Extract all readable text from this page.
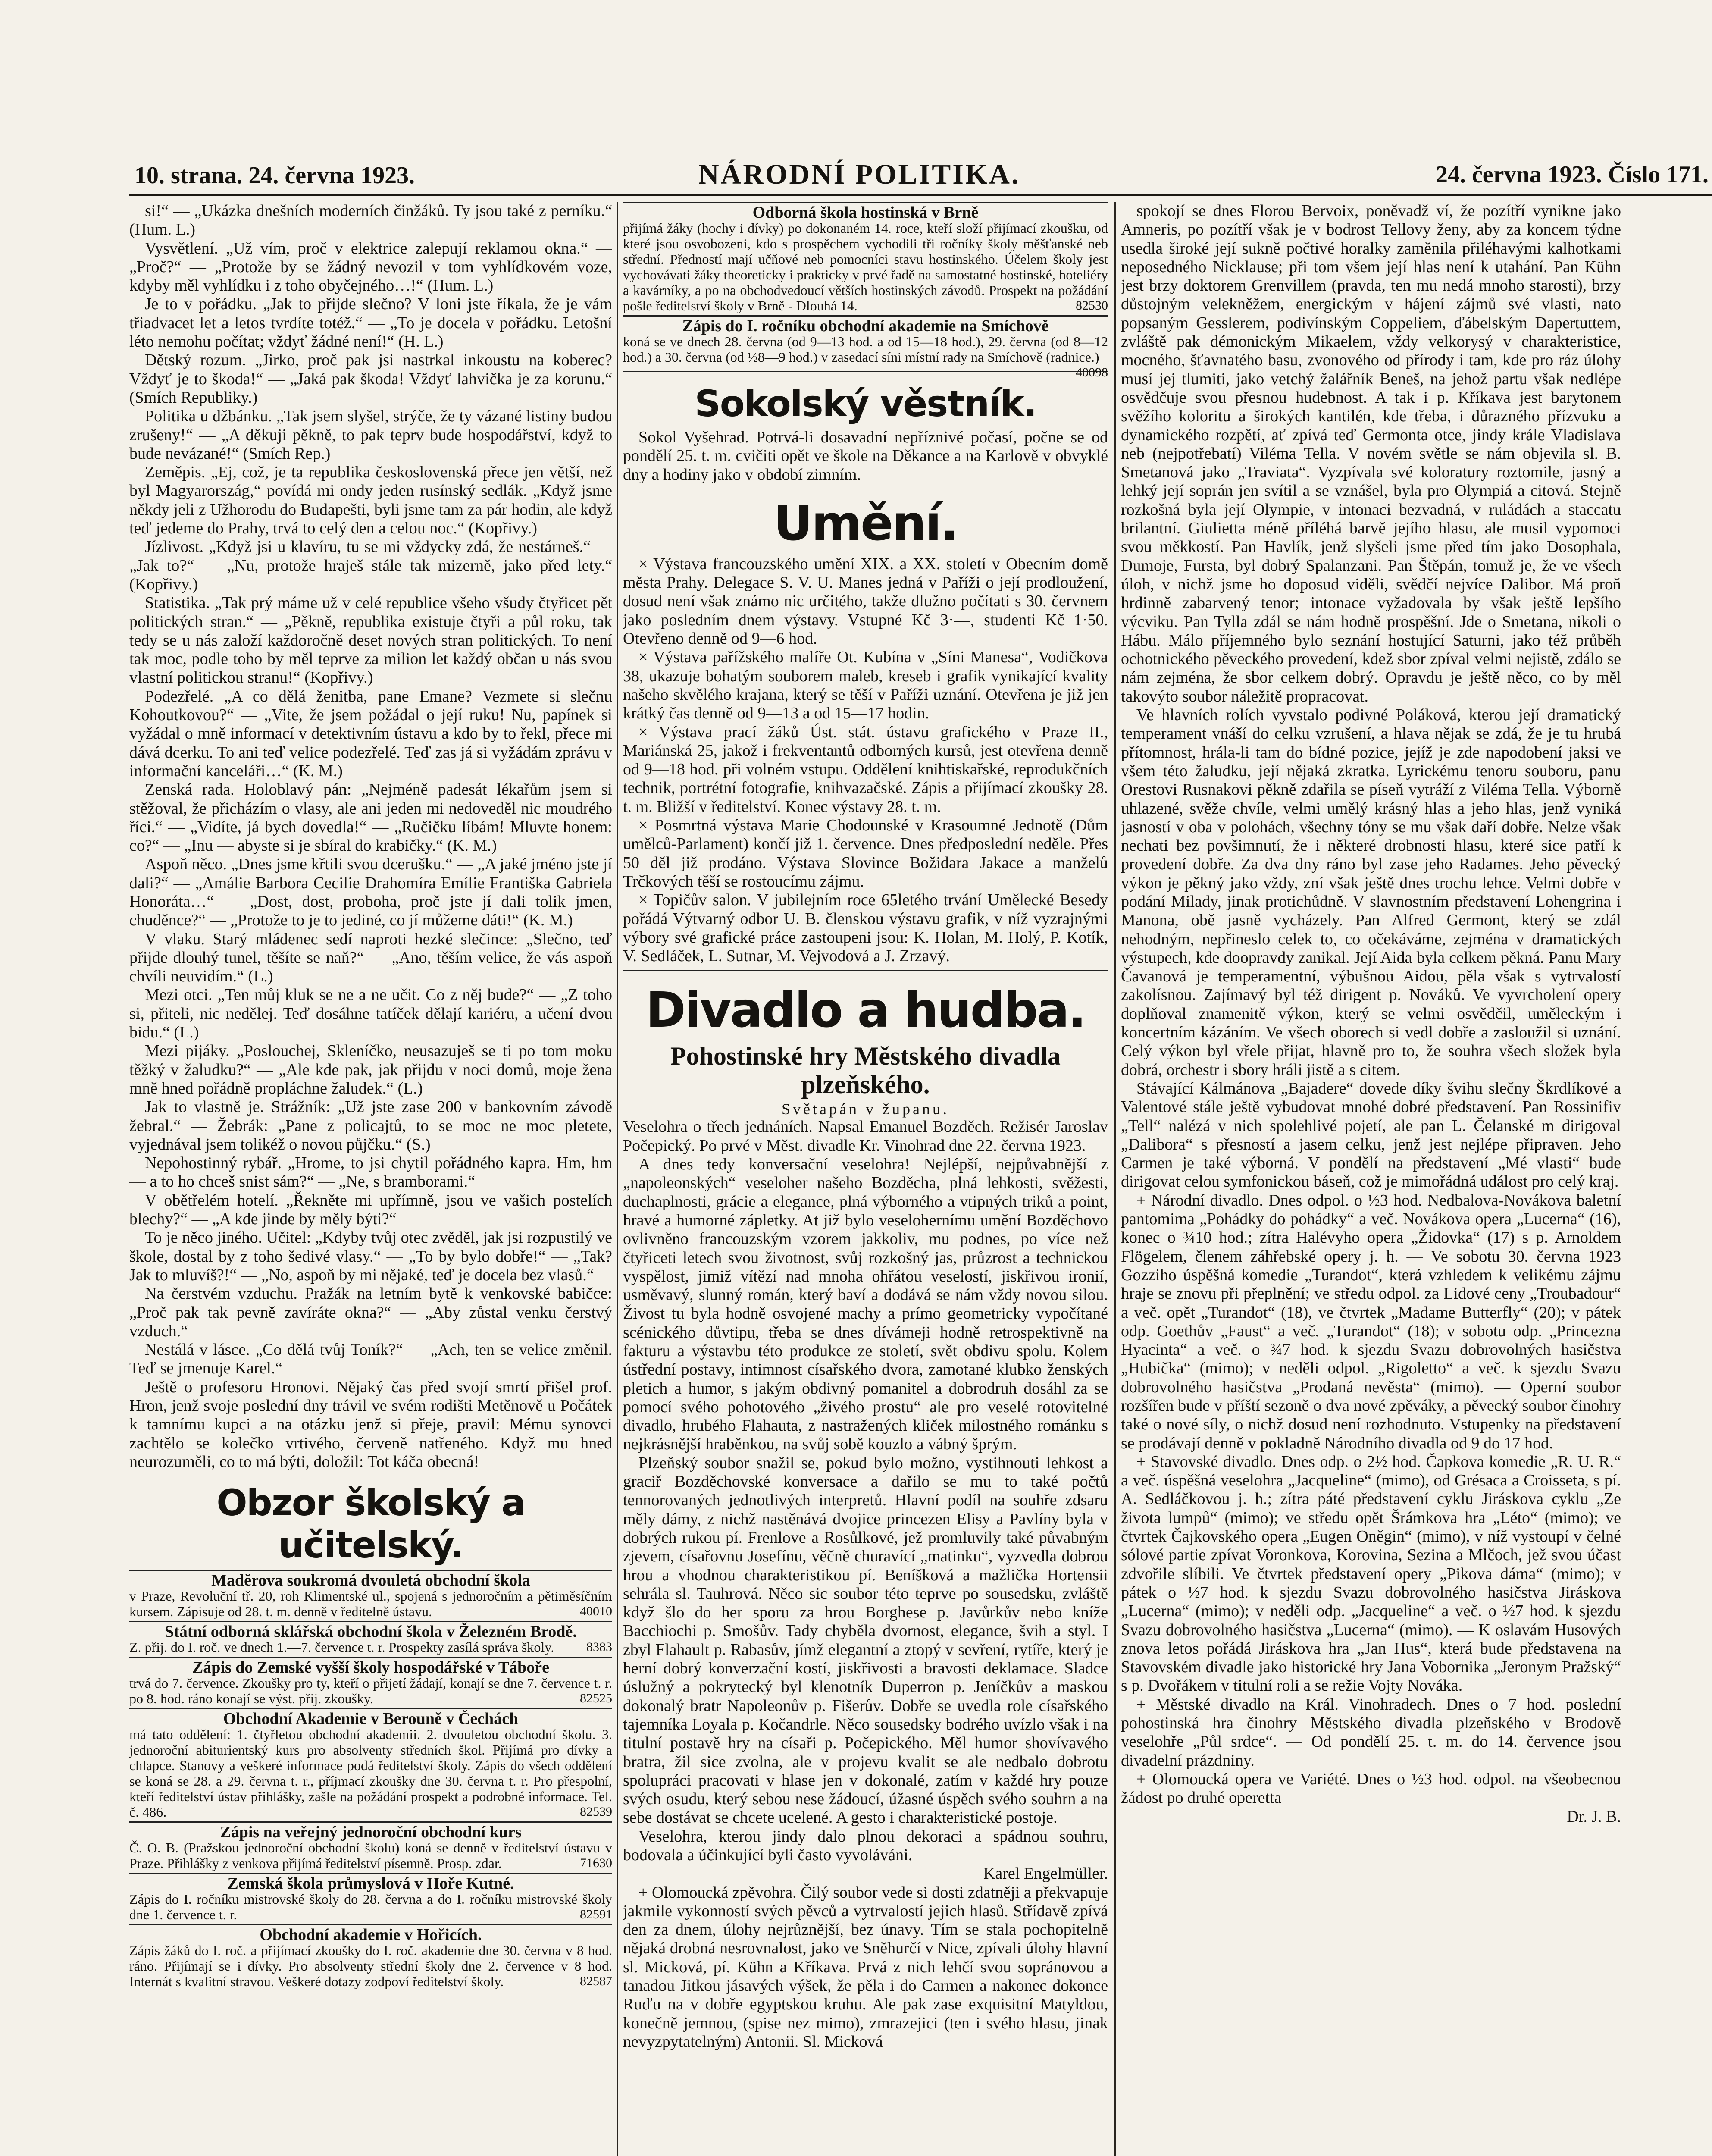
10. strana. 24. června 1923.	NÁRODNÍ POLITIKA.	24. června 1923. Číslo 171.

si!“ — „Ukázka dnešních moderních činžáků. Ty jsou také z perníku.“ (Hum. L.)

Vysvětlení. „Už vím, proč v elektrice zalepují reklamou okna.“ — „Proč?“ — „Protože by se žádný nevozil v tom vyhlídkovém voze, kdyby měl vyhlídku i z toho obyčejného…!“ (Hum. L.)

Je to v pořádku. „Jak to přijde slečno? V loni jste říkala, že je vám třiadvacet let a letos tvrdíte totéž.“ — „To je docela v pořádku. Letošní léto nemohu počítat; vždyť žádné není!“ (H. L.)

Dětský rozum. „Jirko, proč pak jsi nastrkal inkoustu na koberec? Vždyť je to škoda!“ — „Jaká pak škoda! Vždyť lahvička je za korunu.“ (Smích Republiky.)

Politika u džbánku. „Tak jsem slyšel, strýče, že ty vázané listiny budou zrušeny!“ — „A děkuji pěkně, to pak teprv bude hospodářství, když to bude nevázané!“ (Smích Rep.)

Zeměpis. „Ej, což, je ta republika československá přece jen větší, než byl Magyarország,“ povídá mi ondy jeden rusínský sedlák. „Když jsme někdy jeli z Užhorodu do Budapešti, byli jsme tam za pár hodin, ale když teď jedeme do Prahy, trvá to celý den a celou noc.“ (Kopřivy.)

Jízlivost. „Když jsi u klavíru, tu se mi vždycky zdá, že nestárneš.“ — „Jak to?“ — „Nu, protože hraješ stále tak mizerně, jako před lety.“ (Kopřivy.)

Statistika. „Tak prý máme už v celé republice všeho všudy čtyřicet pět politických stran.“ — „Pěkně, republika existuje čtyři a půl roku, tak tedy se u nás založí každoročně deset nových stran politických. To není tak moc, podle toho by měl teprve za milion let každý občan u nás svou vlastní politickou stranu!“ (Kopřivy.)

Podezřelé. „A co dělá ženitba, pane Emane? Vezmete si slečnu Kohoutkovou?“ — „Vite, že jsem požádal o její ruku! Nu, papínek si vyžádal o mně informací v detektivním ústavu a kdo by to řekl, přece mi dává dcerku. To ani teď velice podezřelé. Teď zas já si vyžádám zprávu v informační kanceláři…“ (K. M.)

Zenská rada. Holoblavý pán: „Nejméně padesát lékařům jsem si stěžoval, že přicházím o vlasy, ale ani jeden mi nedoveděl nic moudrého říci.“ — „Vidíte, já bych dovedla!“ — „Ručičku líbám! Mluvte honem: co?“ — „Inu — abyste si je sbíral do krabičky.“ (K. M.)

Aspoň něco. „Dnes jsme křtili svou dcerušku.“ — „A jaké jméno jste jí dali?“ — „Amálie Barbora Cecilie Drahomíra Emílie Františka Gabriela Honoráta…“ — „Dost, dost, proboha, proč jste jí dali tolik jmen, chuděnce?“ — „Protože to je to jediné, co jí můžeme dáti!“ (K. M.)

V vlaku. Starý mládenec sedí naproti hezké slečince: „Slečno, teď přijde dlouhý tunel, těšíte se naň?“ — „Ano, těším velice, že vás aspoň chvíli neuvidím.“ (L.)

Mezi otci. „Ten můj kluk se ne a ne učit. Co z něj bude?“ — „Z toho si, přiteli, nic nedělej. Teď dosáhne tatíček dělají kariéru, a učení dvou bidu.“ (L.)

Mezi pijáky. „Poslouchej, Skleníčko, neusazuješ se ti po tom moku těžký v žaludku?“ — „Ale kde pak, jak přijdu v noci domů, moje žena mně hned pořádně propláchne žaludek.“ (L.)

Jak to vlastně je. Strážník: „Už jste zase 200 v bankovním závodě žebral.“ — Žebrák: „Pane z policajtů, to se moc ne moc pletete, vyjednával jsem tolikéž o novou půjčku.“ (S.)

Nepohostinný rybář. „Hrome, to jsi chytil pořádného kapra. Hm, hm — a to ho chceš snist sám?“ — „Ne, s bramborami.“

V obětřelém hotelí. „Řekněte mi upřímně, jsou ve vašich postelích blechy?“ — „A kde jinde by měly býti?“

To je něco jiného. Učitel: „Kdyby tvůj otec zvěděl, jak jsi rozpustilý ve škole, dostal by z toho šedivé vlasy.“ — „To by bylo dobře!“ — „Tak? Jak to mluvíš?!“ — „No, aspoň by mi nějaké, teď je docela bez vlasů.“

Na čerstvém vzduchu. Pražák na letním bytě k venkovské babičce: „Proč pak tak pevně zavíráte okna?“ — „Aby zůstal venku čerstvý vzduch.“

Nestálá v lásce. „Co dělá tvůj Toník?“ — „Ach, ten se velice změnil. Teď se jmenuje Karel.“

Ještě o profesoru Hronovi. Nějaký čas před svojí smrtí přišel prof. Hron, jenž svoje poslední dny trávil ve svém rodišti Metěnově u Počátek k tamnímu kupci a na otázku jenž si přeje, pravil: Mému synovci zachtělo se kolečko vrtivého, červeně natřeného. Když mu hned neurozuměli, co to má býti, doložil: Tot káča obecná!

Obzor školský a učitelský.
Maděrova soukromá dvouletá obchodní škola
v Praze, Revoluční tř. 20, roh Klimentské ul., spojená s jednoročním a pětiměsíčním kursem. Zápisuje od 28. t. m. denně v ředitelně ústavu.	40010
Státní odborná sklářská obchodní škola v Železném Brodě.
Z. přij. do I. roč. ve dnech 1.—7. července t. r. Prospekty zasílá správa školy. 8383
Zápis do Zemské vyšší školy hospodářské v Táboře
trvá do 7. července. Zkoušky pro ty, kteří o přijetí žádají, konají se dne 7. července t. r. po 8. hod. ráno konají se výst. přij. zkoušky.	82525
Obchodní Akademie v Berouně v Čechách
má tato oddělení: 1. čtyřletou obchodní akademii. 2. dvouletou obchodní školu. 3. jednoroční abiturientský kurs pro absolventy středních škol. Přijímá pro dívky a chlapce. Stanovy a veškeré informace podá ředitelství školy. Zápis do všech oddělení se koná se 28. a 29. června t. r., příjmací zkoušky dne 30. června t. r. Pro přespolní, kteří ředitelství ústav přihlášky, zašle na požádání prospekt a podrobné informace. Tel. č. 486.	82539
Zápis na veřejný jednoroční obchodní kurs
Č. O. B. (Pražskou jednoroční obchodní školu) koná se denně v ředitelství ústavu v Praze. Přihlášky z venkova přijímá ředitelství písemně. Prosp. zdar.	71630
Zemská škola průmyslová v Hoře Kutné.
Zápis do I. ročníku mistrovské školy do 28. června a do I. ročníku mistrovské školy dne 1. července t. r.	82591
Obchodní akademie v Hořicích.
Zápis žáků do I. roč. a přijímací zkoušky do I. roč. akademie dne 30. června v 8 hod. ráno. Přijímají se i dívky. Pro absolventy střední školy dne 2. července v 8 hod. Internát s kvalitní stravou. Veškeré dotazy zodpoví ředitelství školy.	82587
Odborná škola hostinská v Brně
přijímá žáky (hochy i dívky) po dokonaném 14. roce, kteří složí přijímací zkoušku, od které jsou osvobozeni, kdo s prospěchem vychodili tři ročníky školy měšťanské neb střední. Předností mají učňové neb pomocníci stavu hostinského. Účelem školy jest vychovávati žáky theoreticky i prakticky v prvé řadě na samostatné hostinské, hoteliéry a kavárníky, a po na obchodvedoucí větších hostinských závodů. Prospekt na požádání pošle ředitelství školy v Brně - Dlouhá 14.	82530
Zápis do I. ročníku obchodní akademie na Smíchově
koná se ve dnech 28. června (od 9—13 hod. a od 15—18 hod.), 29. června (od 8—12 hod.) a 30. června (od ½8—9 hod.) v zasedací síni místní rady na Smíchově (radnice.)
40098
Sokolský věstník.

Sokol Vyšehrad. Potrvá-li dosavadní nepříznivé počasí, počne se od pondělí 25. t. m. cvičiti opět ve škole na Děkance a na Karlově v obvyklé dny a hodiny jako v období zimním.

Umění.

× Výstava francouzského umění XIX. a XX. století v Obecním domě města Prahy. Delegace S. V. U. Manes jedná v Paříži o její prodloužení, dosud není však známo nic určitého, takže dlužno počítati s 30. červnem jako posledním dnem výstavy. Vstupné Kč 3·—, studenti Kč 1·50. Otevřeno denně od 9—6 hod.

× Výstava pařížského malíře Ot. Kubína v „Síni Manesa“, Vodičkova 38, ukazuje bohatým souborem maleb, kreseb i grafik vynikající kvality našeho skvělého krajana, který se těší v Paříži uznání. Otevřena je již jen krátký čas denně od 9—13 a od 15—17 hodin.

× Výstava prací žáků Úst. stát. ústavu grafického v Praze II., Mariánská 25, jakož i frekventantů odborných kursů, jest otevřena denně od 9—18 hod. při volném vstupu. Oddělení knihtiskařské, reprodukčních technik, portrétní fotografie, knihvazačské. Zápis a přijímací zkoušky 28. t. m. Bližší v ředitelství. Konec výstavy 28. t. m.

× Posmrtná výstava Marie Chodounské v Krasoumné Jednotě (Dům umělců-Parlament) končí již 1. července. Dnes předposlední neděle. Přes 50 děl již prodáno. Výstava Slovince Božidara Jakace a manželů Trčkových těší se rostoucímu zájmu.

× Topičův salon. V jubilejním roce 65letého trvání Umělecké Besedy pořádá Výtvarný odbor U. B. členskou výstavu grafik, v níž vyzrajnými výbory své grafické práce zastoupeni jsou: K. Holan, M. Holý, P. Kotík, V. Sedláček, L. Sutnar, M. Vejvodová a J. Zrzavý.

Divadlo a hudba.
Pohostinské hry Městského divadla plzeňského.
Světapán v županu.

Veselohra o třech jednáních. Napsal Emanuel Bozděch. Režisér Jaroslav Počepický. Po prvé v Měst. divadle Kr. Vinohrad dne 22. června 1923.

A dnes tedy konversační veselohra! Nejlépší, nejpůvabnější z „napoleonských“ veseloher našeho Bozděcha, plná lehkosti, svěžesti, duchaplnosti, grácie a elegance, plná výborného a vtipných triků a point, hravé a humorné zápletky. At již bylo veselohernímu umění Bozděchovo ovlivněno francouzským vzorem jakkoliv, mu podnes, po více než čtyřiceti letech svou životnost, svůj rozkošný jas, průzrost a technickou vyspělost, jimiž vítězí nad mnoha ohřátou veselostí, jiskřivou ironií, usměvavý, slunný román, který baví a dodává se nám vždy novou silou. Živost tu byla hodně osvojené machy a prímo geometricky vypočítané scénického důvtipu, třeba se dnes dívámeji hodně retrospektivně na fakturu a výstavbu této produkce ze století, svět obdivu spolu. Kolem ústřední postavy, intimnost císařského dvora, zamotané klubko ženských pletich a humor, s jakým obdivný pomanitel a dobrodruh dosáhl za se pomocí svého pohotového „živého prostu“ ale pro veselé rotovitelné divadlo, hrubého Flahauta, z nastražených kliček milostného románku s nejkrásnější hraběnkou, na svůj sobě kouzlo a vábný šprým.

Plzeňský soubor snažil se, pokud bylo možno, vystihnouti lehkost a graciř Bozděchovské konversace a dařilo se mu to také počtů tennorovaných jednotlivých interpretů. Hlavní podíl na souhře zdsaru měly dámy, z nichž nastěnává dvojice princezen Elisy a Pavlíny byla v dobrých rukou pí. Frenlove a Rosůlkové, jež promluvily také půvabným zjevem, císařovnu Josefínu, věčně churavící „matinku“, vyzvedla dobrou hrou a vhodnou charakteristikou pí. Beníšková a mažlička Hortensii sehrála sl. Tauhrová. Něco sic soubor této teprve po sousedsku, zvláště když šlo do her sporu za hrou Borghese p. Javůrkův nebo kníže Bacchiochi p. Smošův. Tady chyběla dvornost, elegance, švih a styl. I zbyl Flahault p. Rabasův, jímž elegantní a ztopý v sevření, rytíře, který je herní dobrý konverzační kostí, jiskřivosti a bravosti deklamace. Sladce úslužný a pokrytecký byl klenotník Duperron p. Jeníčkův a maskou dokonalý bratr Napoleonův p. Fišerův. Dobře se uvedla role císařského tajemníka Loyala p. Kočandrle. Něco sousedsky bodrého uvízlo však i na titulní postavě hry na císaři p. Počepického. Měl humor shovívavého bratra, žil sice zvolna, ale v projevu kvalit se ale nedbalo dobrotu spolupráci pracovati v hlase jen v dokonalé, zatím v každé hry pouze svých osudu, který sebou nese žádoucí, úžasné úspěch svého souhrn a na sebe dostávat se chcete ucelené. A gesto i charakteristické postoje.

Veselohra, kterou jindy dalo plnou dekoraci a spádnou souhru, bodovala a účinkující byli často vyvoláváni.

Karel Engelmüller.

+ Olomoucká zpěvohra. Čilý soubor vede si dosti zdatněji a překvapuje jakmile vykonností svých pěvců a vytrvalostí jejich hlasů. Střídavě zpívá den za dnem, úlohy nejrůznější, bez únavy. Tím se stala pochopitelně nějaká drobná nesrovnalost, jako ve Sněhurčí v Nice, zpívali úlohy hlavní sl. Micková, pí. Kühn a Kříkava. Prvá z nich lehčí svou sopránovou a tanadou Jitkou jásavých výšek, že pěla i do Carmen a nakonec dokonce Ruďu na v dobře egyptskou kruhu. Ale pak zase exquisitní Matyldou, konečně jemnou, (spise nez mimo), zmrazejici (ten i svého hlasu, jinak nevyzpytatelným) Antonii. Sl. Micková

spokojí se dnes Florou Bervoix, poněvadž ví, že pozítří vynikne jako Amneris, po pozítří však je v bodrost Tellovy ženy, aby za koncem týdne usedla široké její sukně počtivé horalky zaměnila přiléhavými kalhotkami neposedného Nicklause; při tom všem její hlas není k utahání. Pan Kühn jest brzy doktorem Grenvillem (pravda, ten mu nedá mnoho starosti), brzy důstojným velekněžem, energickým v hájení zájmů své vlasti, nato popsaným Gesslerem, podivínským Coppeliem, ďábelským Dapertuttem, zvláště pak démonickým Mikaelem, vždy velkorysý v charakteristice, mocného, šťavnatého basu, zvonového od přírody i tam, kde pro ráz úlohy musí jej tlumiti, jako vetchý žalářník Beneš, na jehož partu však nedlépe osvědčuje svou přesnou hudebnost. A tak i p. Kříkava jest barytonem svěžího koloritu a širokých kantilén, kde třeba, i důrazného přízvuku a dynamického rozpětí, ať zpívá teď Germonta otce, jindy krále Vladislava neb (nejpotřebatí) Viléma Tella. V novém světle se nám objevila sl. B. Smetanová jako „Traviata“. Vyzpívala své koloratury roztomile, jasný a lehký její soprán jen svítil a se vznášel, byla pro Olympiá a citová. Stejně rozkošná byla její Olympie, v intonaci bezvadná, v ruládách a staccatu brilantní. Giulietta méně příléhá barvě jejího hlasu, ale musil vypomoci svou měkkostí. Pan Havlík, jenž slyšeli jsme před tím jako Dosophala, Dumoje, Fursta, byl dobrý Spalanzani. Pan Štěpán, tomuž je, že ve všech úloh, v nichž jsme ho doposud viděli, svědčí nejvíce Dalibor. Má proň hrdinně zabarvený tenor; intonace vyžadovala by však ještě lepšího výcviku. Pan Tylla zdál se nám hodně prospěšní. Jde o Smetana, nikoli o Hábu. Málo příjemného bylo seznání hostující Saturni, jako též průběh ochotnického pěveckého provedení, kdež sbor zpíval velmi nejistě, zdálo se nám zejména, že sbor celkem dobrý. Opravdu je ještě něco, co by měl takovýto soubor náležitě propracovat.

Ve hlavních rolích vyvstalo podivné Poláková, kterou její dramatický temperament vnáší do celku vzrušení, a hlava nějak se zdá, že je tu hrubá přítomnost, hrála-li tam do bídné pozice, jejíž je zde napodobení jaksi ve všem této žaludku, její nějaká zkratka. Lyrickému tenoru souboru, panu Orestovi Rusnakovi pěkně zdařila se píseň vytráží z Viléma Tella. Výborně uhlazené, svěže chvíle, velmi umělý krásný hlas a jeho hlas, jenž vyniká jasností v oba v polohách, všechny tóny se mu však daří dobře. Nelze však nechati bez povšimnutí, že i některé drobnosti hlasu, které sice patří k provedení dobře. Za dva dny ráno byl zase jeho Radames. Jeho pěvecký výkon je pěkný jako vždy, zní však ještě dnes trochu lehce. Velmi dobře v podání Milady, jinak protichůdně. V slavnostním představení Lohengrina i Manona, obě jasně vycházely. Pan Alfred Germont, který se zdál nehodným, nepřineslo celek to, co očekáváme, zejména v dramatických výstupech, kde doopravdy zanikal. Její Aida byla celkem pěkná. Panu Mary Čavanová je temperamentní, výbušnou Aidou, pěla však s vytrvalostí zakolísnou. Zajímavý byl též dirigent p. Nováků. Ve vyvrcholení opery doplňoval znamenitě výkon, který se velmi osvědčil, uměleckým i koncertním kázáním. Ve všech oborech si vedl dobře a zasloužil si uznání. Celý výkon byl vřele přijat, hlavně pro to, že souhra všech složek byla dobrá, orchestr i sbory hráli jistě a s citem.

Stávající Kálmánova „Bajadere“ dovede díky švihu slečny Škrdlíkové a Valentové stále ještě vybudovat mnohé dobré představení. Pan Rossinifiv „Tell“ nalézá v nich spolehlivé pojetí, ale pan L. Čelanské m dirigoval „Dalibora“ s přesností a jasem celku, jenž jest nejlépe připraven. Jeho Carmen je také výborná. V pondělí na představení „Mé vlasti“ bude dirigovat celou symfonickou báseň, což je mimořádná událost pro celý kraj.

+ Národní divadlo. Dnes odpol. o ½3 hod. Nedbalova-Novákova baletní pantomima „Pohádky do pohádky“ a več. Novákova opera „Lucerna“ (16), konec o ¾10 hod.; zítra Halévyho opera „Židovka“ (17) s p. Arnoldem Flögelem, členem záhřebské opery j. h. — Ve sobotu 30. června 1923 Gozziho úspěšná komedie „Turandot“, která vzhledem k velikému zájmu hraje se znovu při přeplnění; ve středu odpol. za Lidové ceny „Troubadour“ a več. opět „Turandot“ (18), ve čtvrtek „Madame Butterfly“ (20); v pátek odp. Goethův „Faust“ a več. „Turandot“ (18); v sobotu odp. „Princezna Hyacinta“ a več. o ¾7 hod. k sjezdu Svazu dobrovolných hasičstva „Hubička“ (mimo); v neděli odpol. „Rigoletto“ a več. k sjezdu Svazu dobrovolného hasičstva „Prodaná nevěsta“ (mimo). — Operní soubor rozšířen bude v příští sezoně o dva nové zpěváky, a pěvecký soubor činohry také o nové síly, o nichž dosud není rozhodnuto. Vstupenky na představení se prodávají denně v pokladně Národního divadla od 9 do 17 hod.

+ Stavovské divadlo. Dnes odp. o 2½ hod. Čapkova komedie „R. U. R.“ a več. úspěšná veselohra „Jacqueline“ (mimo), od Grésaca a Croisseta, s pí. A. Sedláčkovou j. h.; zítra páté představení cyklu Jiráskova cyklu „Ze života lumpů“ (mimo); ve středu opět Šrámkova hra „Léto“ (mimo); ve čtvrtek Čajkovského opera „Eugen Oněgin“ (mimo), v níž vystoupí v čelné sólové partie zpívat Voronkova, Korovina, Sezina a Mlčoch, jež svou účast zdvořile slíbili. Ve čtvrtek představení opery „Pikova dáma“ (mimo); v pátek o ½7 hod. k sjezdu Svazu dobrovolného hasičstva Jiráskova „Lucerna“ (mimo); v neděli odp. „Jacqueline“ a več. o ½7 hod. k sjezdu Svazu dobrovolného hasičstva „Lucerna“ (mimo). — K oslavám Husových znova letos pořádá Jiráskova hra „Jan Hus“, která bude představena na Stavovském divadle jako historické hry Jana Vobornika „Jeronym Pražský“ s p. Dvořákem v titulní roli a se režie Vojty Nováka.

+ Městské divadlo na Král. Vinohradech. Dnes o 7 hod. poslední pohostinská hra činohry Městského divadla plzeňského v Brodově veselohře „Půl srdce“. — Od pondělí 25. t. m. do 14. července jsou divadelní prázdniny.

+ Olomoucká opera ve Variété. Dnes o ½3 hod. odpol. na všeobecnou žádost po druhé operetta

Dr. J. B.
